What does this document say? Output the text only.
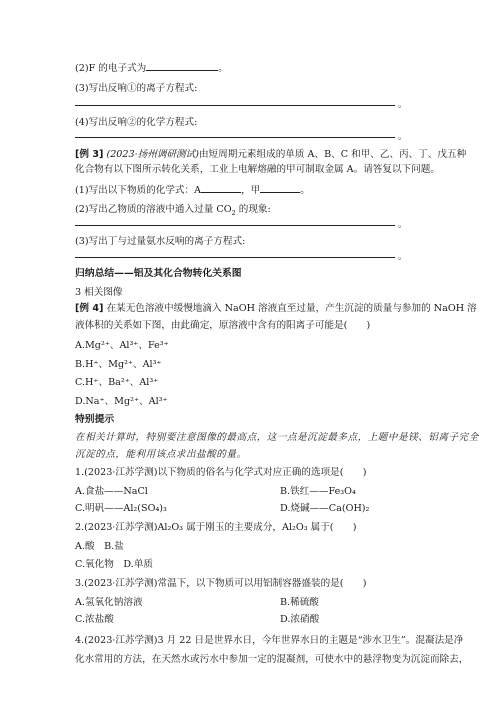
(2)F 的电子式为	。
(3)写出反响①的离子方程式:
。
(4)写出反响②的化学方程式:
。
[例 3] (2023·扬州调研测试)由短周期元素组成的单质 A、B、C 和甲、乙、丙、丁、戊五种
化合物有以下图所示转化关系，工业上电解熔融的甲可制取金属 A。请答复以下问题。
(1)写出以下物质的化学式：A	，甲	。
(2)写出乙物质的溶液中通入过量 $CO_2$ 的现象:
。
(3)写出丁与过量氨水反响的离子方程式:
。
归纳总结——铝及其化合物转化关系图
3 相关图像
[例 4] 在某无色溶液中缓慢地滴入 NaOH 溶液直至过量，产生沉淀的质量与参加的 NaOH 溶
液体积的关系如下图，由此确定，原溶液中含有的阳离子可能是(　　)
A.Mg²⁺、Al³⁺、Fe³⁺
B.H⁺、Mg²⁺、Al³⁺
C.H⁺、Ba²⁺、Al³⁺
D.Na⁺、Mg²⁺、Al³⁺
特别提示
在相关计算时，特别要注意图像的最高点，这一点是沉淀最多点，上题中是镁、铝离子完全
沉淀的点，能利用该点求出盐酸的量。
1.(2023·江苏学测)以下物质的俗名与化学式对应正确的选项是(　　)
A.食盐——NaCl	B.铁红——Fe₃O₄
C.明矾——Al₂(SO₄)₃	D.烧碱——Ca(OH)₂
2.(2023·江苏学测)Al₂O₃ 属于刚玉的主要成分，Al₂O₃ 属于(　　)
A.酸　B.盐
C.氧化物　D.单质
3.(2023·江苏学测)常温下，以下物质可以用铝制容器盛装的是(　　)
A.氢氧化钠溶液	B.稀硫酸
C.浓盐酸	D.浓硝酸
4.(2023·江苏学测)3 月 22 日是世界水日，今年世界水日的主题是“涉水卫生”。混凝法是净
化水常用的方法，在天然水或污水中参加一定的混凝剂，可使水中的悬浮物变为沉淀而除去，
